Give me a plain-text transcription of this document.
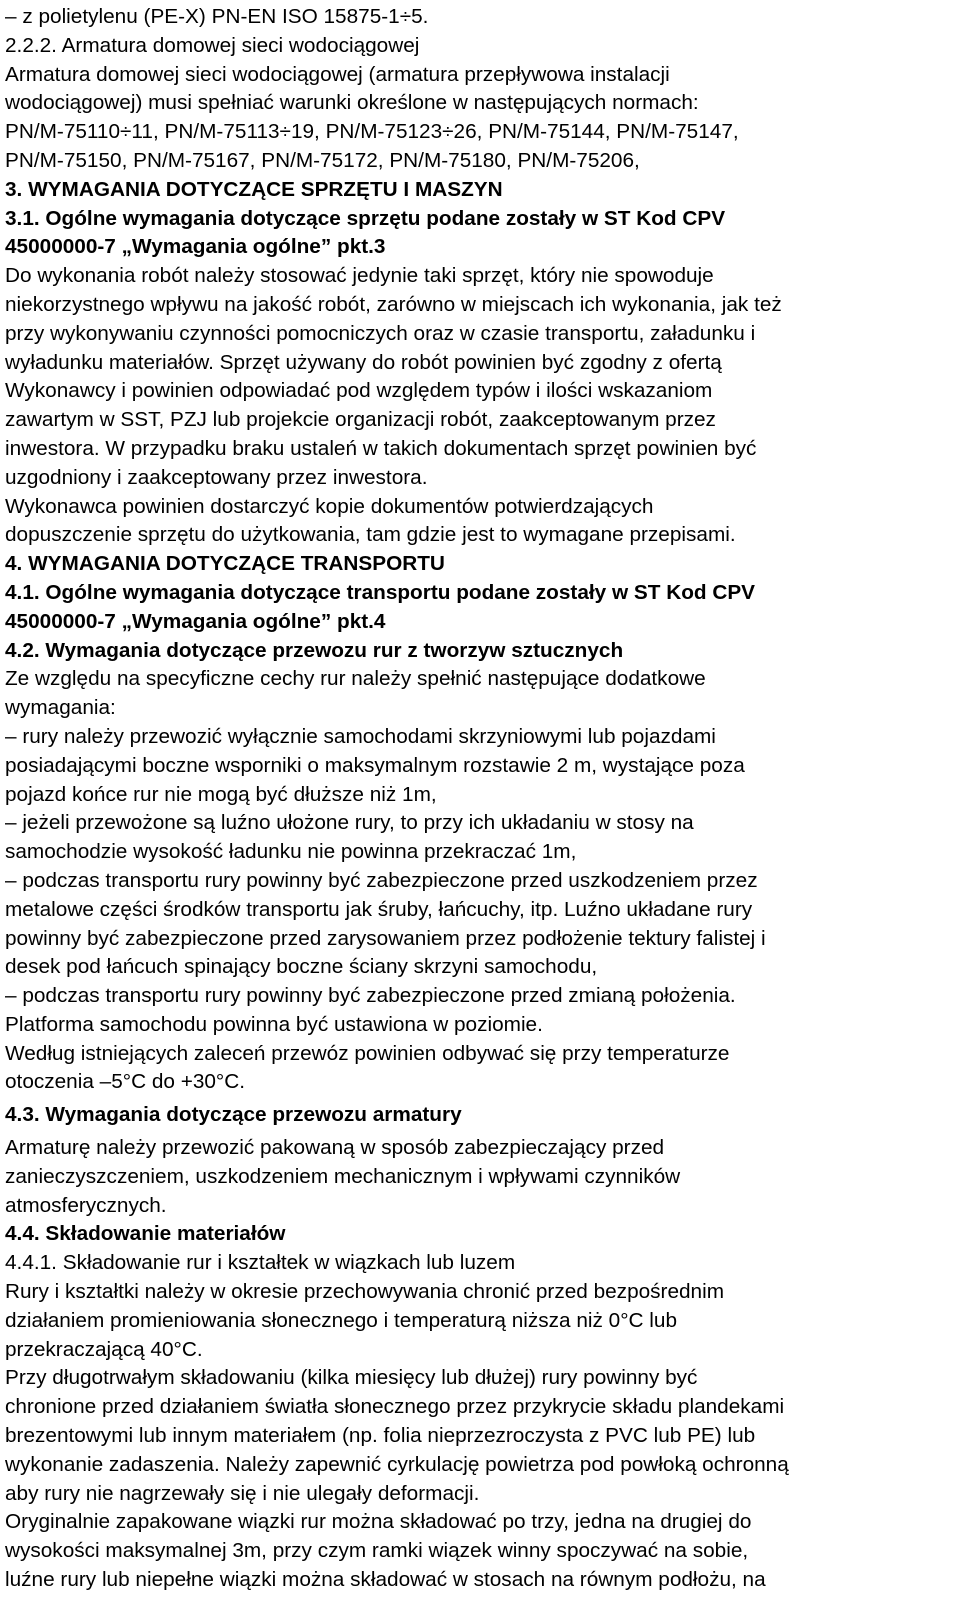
– z polietylenu (PE-X) PN-EN ISO 15875-1÷5.

2.2.2. Armatura domowej sieci wodociągowej

Armatura domowej sieci wodociągowej (armatura przepływowa instalacji

wodociągowej) musi spełniać warunki określone w następujących normach:

PN/M-75110÷11, PN/M-75113÷19, PN/M-75123÷26, PN/M-75144, PN/M-75147,

PN/M-75150, PN/M-75167, PN/M-75172, PN/M-75180, PN/M-75206,

3. WYMAGANIA DOTYCZĄCE SPRZĘTU I MASZYN

3.1. Ogólne wymagania dotyczące sprzętu podane zostały w ST Kod CPV

45000000-7 „Wymagania ogólne” pkt.3

Do wykonania robót należy stosować jedynie taki sprzęt, który nie spowoduje

niekorzystnego wpływu na jakość robót, zarówno w miejscach ich wykonania, jak też

przy wykonywaniu czynności pomocniczych oraz w czasie transportu, załadunku i

wyładunku materiałów. Sprzęt używany do robót powinien być zgodny z ofertą

Wykonawcy i powinien odpowiadać pod względem typów i ilości wskazaniom

zawartym w SST, PZJ lub projekcie organizacji robót, zaakceptowanym przez

inwestora. W przypadku braku ustaleń w takich dokumentach sprzęt powinien być

uzgodniony i zaakceptowany przez inwestora.

Wykonawca powinien dostarczyć kopie dokumentów potwierdzających

dopuszczenie sprzętu do użytkowania, tam gdzie jest to wymagane przepisami.

4. WYMAGANIA DOTYCZĄCE TRANSPORTU

4.1. Ogólne wymagania dotyczące transportu podane zostały w ST Kod CPV

45000000-7 „Wymagania ogólne” pkt.4

4.2. Wymagania dotyczące przewozu rur z tworzyw sztucznych

Ze względu na specyficzne cechy rur należy spełnić następujące dodatkowe

wymagania:

– rury należy przewozić wyłącznie samochodami skrzyniowymi lub pojazdami

posiadającymi boczne wsporniki o maksymalnym rozstawie 2 m, wystające poza

pojazd końce rur nie mogą być dłuższe niż 1m,

– jeżeli przewożone są luźno ułożone rury, to przy ich układaniu w stosy na

samochodzie wysokość ładunku nie powinna przekraczać 1m,

– podczas transportu rury powinny być zabezpieczone przed uszkodzeniem przez

metalowe części środków transportu jak śruby, łańcuchy, itp. Luźno układane rury

powinny być zabezpieczone przed zarysowaniem przez podłożenie tektury falistej i

desek pod łańcuch spinający boczne ściany skrzyni samochodu,

– podczas transportu rury powinny być zabezpieczone przed zmianą położenia.

Platforma samochodu powinna być ustawiona w poziomie.

Według istniejących zaleceń przewóz powinien odbywać się przy temperaturze

otoczenia –5°C do +30°C.

4.3. Wymagania dotyczące przewozu armatury

Armaturę należy przewozić pakowaną w sposób zabezpieczający przed

zanieczyszczeniem, uszkodzeniem mechanicznym i wpływami czynników

atmosferycznych.

4.4. Składowanie materiałów

4.4.1. Składowanie rur i kształtek w wiązkach lub luzem

Rury i kształtki należy w okresie przechowywania chronić przed bezpośrednim

działaniem promieniowania słonecznego i temperaturą niższa niż 0°C lub

przekraczającą 40°C.

Przy długotrwałym składowaniu (kilka miesięcy lub dłużej) rury powinny być

chronione przed działaniem światła słonecznego przez przykrycie składu plandekami

brezentowymi lub innym materiałem (np. folia nieprzezroczysta z PVC lub PE) lub

wykonanie zadaszenia. Należy zapewnić cyrkulację powietrza pod powłoką ochronną

aby rury nie nagrzewały się i nie ulegały deformacji.

Oryginalnie zapakowane wiązki rur można składować po trzy, jedna na drugiej do

wysokości maksymalnej 3m, przy czym ramki wiązek winny spoczywać na sobie,

luźne rury lub niepełne wiązki można składować w stosach na równym podłożu, na
